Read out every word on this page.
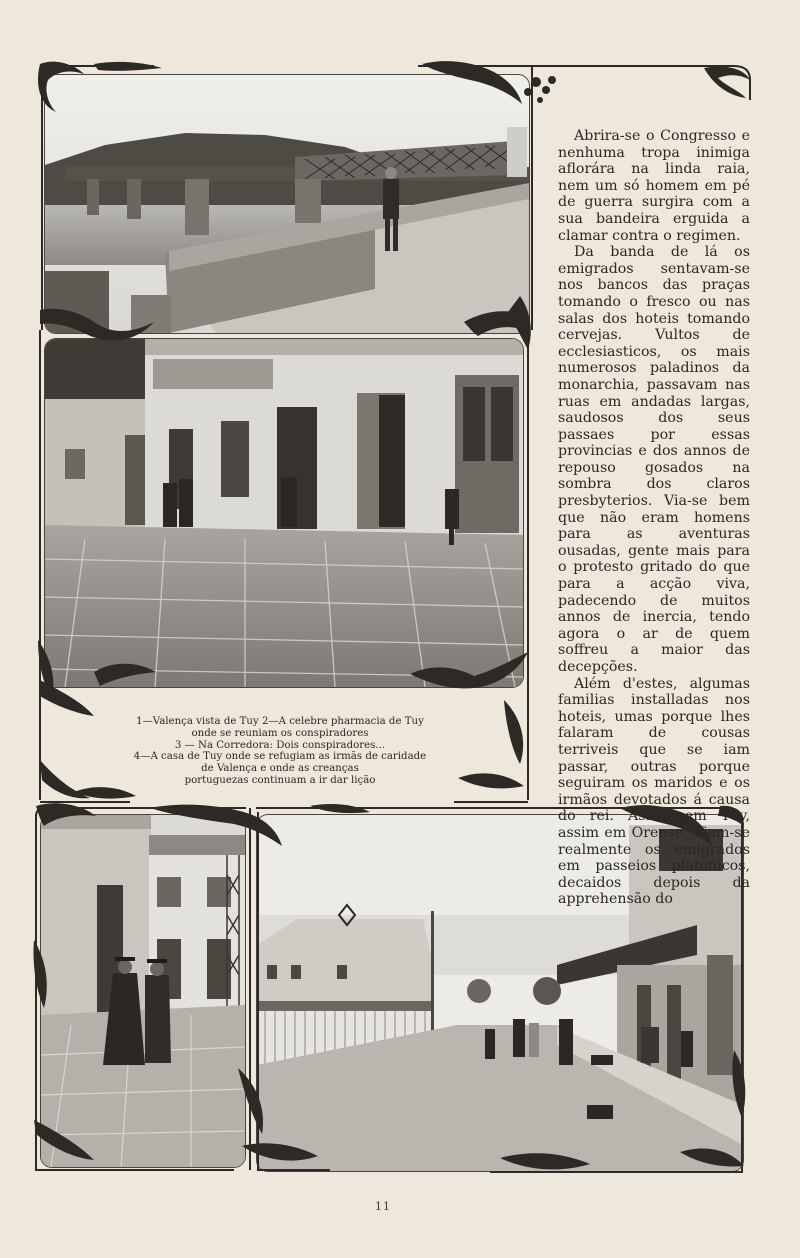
1—Valença vista de Tuy 2—A celebre pharmacia de Tuy
onde se reuniam os conspiradores
3 — Na Corredora: Dois conspiradores...
4—A casa de Tuy onde se refugiam as irmãs de caridade
de Valença e onde as creanças
portuguezas continuam a ir dar lição

Abrira-se o Congresso e nenhuma tropa inimiga aflorára na linda raia, nem um só homem em pé de guerra surgira com a sua bandeira erguida a clamar contra o regimen.

Da banda de lá os emigrados sentavam-se nos bancos das praças tomando o fresco ou nas salas dos hoteis tomando cervejas. Vultos de ecclesiasticos, os mais numerosos paladinos da monarchia, passavam nas ruas em andadas largas, saudosos dos seus passaes por essas provincias e dos annos de repouso gosados na sombra dos claros presbyterios. Via-se bem que não eram homens para as aventuras ousadas, gente mais para o protesto gritado do que para a acção viva, padecendo de muitos annos de inercia, tendo agora o ar de quem soffreu a maior das decepções.

Além d'estes, algumas familias installadas nos hoteis, umas porque lhes falaram de cousas terriveis que se iam passar, outras porque seguiram os maridos e os irmãos devotados á causa do rei. Assim em Tuy, assim em Orense. Viam-se realmente os emigrados em passeios platonicos, decaidos depois da apprehensão do

11
